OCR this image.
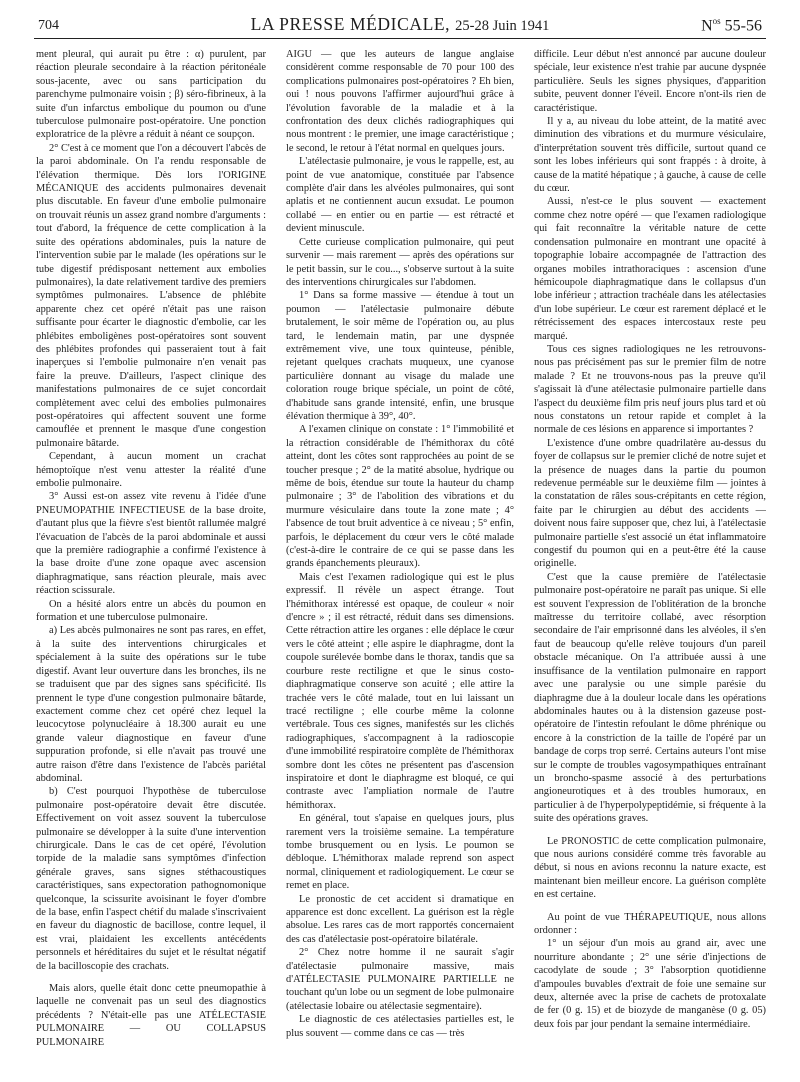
704	LA PRESSE MÉDICALE, 25-28 Juin 1941	$N^{os}$ 55-56

ment pleural, qui aurait pu être : α) purulent, par réaction pleurale secondaire à la réaction péritonéale sous-jacente, avec ou sans participation du parenchyme pulmonaire voisin ; β) séro-fibrineux, à la suite d'un infarctus embolique du poumon ou d'une tuberculose pulmonaire post-opératoire. Une ponction exploratrice de la plèvre a réduit à néant ce soupçon.

2° C'est à ce moment que l'on a découvert l'abcès de la paroi abdominale. On l'a rendu responsable de l'élévation thermique. Dès lors l'ORIGINE MÉCANIQUE des accidents pulmonaires devenait plus discutable. En faveur d'une embolie pulmonaire on trouvait réunis un assez grand nombre d'arguments : tout d'abord, la fréquence de cette complication à la suite des opérations abdominales, puis la nature de l'intervention subie par le malade (les opérations sur le tube digestif prédisposant nettement aux embolies pulmonaires), la date relativement tardive des premiers symptômes pulmonaires. L'absence de phlébite apparente chez cet opéré n'était pas une raison suffisante pour écarter le diagnostic d'embolie, car les phlébites emboligènes post-opératoires sont souvent des phlébites profondes qui passeraient tout à fait inaperçues si l'embolie pulmonaire n'en venait pas faire la preuve. D'ailleurs, l'aspect clinique des manifestations pulmonaires de ce sujet concordait complètement avec celui des embolies pulmonaires post-opératoires qui affectent souvent une forme camouflée et prennent le masque d'une congestion pulmonaire bâtarde.

Cependant, à aucun moment un crachat hémoptoïque n'est venu attester la réalité d'une embolie pulmonaire.

3° Aussi est-on assez vite revenu à l'idée d'une PNEUMOPATHIE INFECTIEUSE de la base droite, d'autant plus que la fièvre s'est bientôt rallumée malgré l'évacuation de l'abcès de la paroi abdominale et aussi que la première radiographie a confirmé l'existence à la base droite d'une zone opaque avec ascension diaphragmatique, sans réaction pleurale, mais avec réaction scissurale.

On a hésité alors entre un abcès du poumon en formation et une tuberculose pulmonaire.

a) Les abcès pulmonaires ne sont pas rares, en effet, à la suite des interventions chirurgicales et spécialement à la suite des opérations sur le tube digestif. Avant leur ouverture dans les bronches, ils ne se traduisent que par des signes sans spécificité. Ils prennent le type d'une congestion pulmonaire bâtarde, exactement comme chez cet opéré chez lequel la leucocytose polynucléaire à 18.300 aurait eu une grande valeur diagnostique en faveur d'une suppuration profonde, si elle n'avait pas trouvé une autre raison d'être dans l'existence de l'abcès pariétal abdominal.

b) C'est pourquoi l'hypothèse de tuberculose pulmonaire post-opératoire devait être discutée. Effectivement on voit assez souvent la tuberculose pulmonaire se développer à la suite d'une intervention chirurgicale. Dans le cas de cet opéré, l'évolution torpide de la maladie sans symptômes d'infection générale graves, sans signes stéthacoustiques caractéristiques, sans expectoration pathognomonique quelconque, la scissurite avoisinant le foyer d'ombre de la base, enfin l'aspect chétif du malade s'inscrivaient en faveur du diagnostic de bacillose, contre lequel, il est vrai, plaidaient les excellents antécédents personnels et héréditaires du sujet et le résultat négatif de la bacilloscopie des crachats.

Mais alors, quelle était donc cette pneumopathie à laquelle ne convenait pas un seul des diagnostics précédents ? N'était-elle pas une ATÉLECTASIE PULMONAIRE — OU COLLAPSUS PULMONAIRE

AIGU — que les auteurs de langue anglaise considèrent comme responsable de 70 pour 100 des complications pulmonaires post-opératoires ? Eh bien, oui ! nous pouvons l'affirmer aujourd'hui grâce à l'évolution favorable de la maladie et à la confrontation des deux clichés radiographiques qui nous montrent : le premier, une image caractéristique ; le second, le retour à l'état normal en quelques jours.

L'atélectasie pulmonaire, je vous le rappelle, est, au point de vue anatomique, constituée par l'absence complète d'air dans les alvéoles pulmonaires, qui sont aplatis et ne contiennent aucun exsudat. Le poumon collabé — en entier ou en partie — est rétracté et devient minuscule.

Cette curieuse complication pulmonaire, qui peut survenir — mais rarement — après des opérations sur le petit bassin, sur le cou..., s'observe surtout à la suite des interventions chirurgicales sur l'abdomen.

1° Dans sa forme massive — étendue à tout un poumon — l'atélectasie pulmonaire débute brutalement, le soir même de l'opération ou, au plus tard, le lendemain matin, par une dyspnée extrêmement vive, une toux quinteuse, pénible, rejetant quelques crachats muqueux, une cyanose particulière donnant au visage du malade une coloration rouge brique spéciale, un point de côté, d'habitude sans grande intensité, enfin, une brusque élévation thermique à 39°, 40°.

A l'examen clinique on constate : 1° l'immobilité et la rétraction considérable de l'hémithorax du côté atteint, dont les côtes sont rapprochées au point de se toucher presque ; 2° de la matité absolue, hydrique ou même de bois, étendue sur toute la hauteur du champ pulmonaire ; 3° de l'abolition des vibrations et du murmure vésiculaire dans toute la zone mate ; 4° l'absence de tout bruit adventice à ce niveau ; 5° enfin, parfois, le déplacement du cœur vers le côté malade (c'est-à-dire le contraire de ce qui se passe dans les grands épanchements pleuraux).

Mais c'est l'examen radiologique qui est le plus expressif. Il révèle un aspect étrange. Tout l'hémithorax intéressé est opaque, de couleur « noir d'encre » ; il est rétracté, réduit dans ses dimensions. Cette rétraction attire les organes : elle déplace le cœur vers le côté atteint ; elle aspire le diaphragme, dont la coupole surélevée bombe dans le thorax, tandis que sa courbure reste rectiligne et que le sinus costo-diaphragmatique conserve son acuité ; elle attire la trachée vers le côté malade, tout en lui laissant un tracé rectiligne ; elle courbe même la colonne vertébrale. Tous ces signes, manifestés sur les clichés radiographiques, s'accompagnent à la radioscopie d'une immobilité respiratoire complète de l'hémithorax sombre dont les côtes ne présentent pas d'ascension inspiratoire et dont le diaphragme est bloqué, ce qui contraste avec l'ampliation normale de l'autre hémithorax.

En général, tout s'apaise en quelques jours, plus rarement vers la troisième semaine. La température tombe brusquement ou en lysis. Le poumon se débloque. L'hémithorax malade reprend son aspect normal, cliniquement et radiologiquement. Le cœur se remet en place.

Le pronostic de cet accident si dramatique en apparence est donc excellent. La guérison est la règle absolue. Les rares cas de mort rapportés concernaient des cas d'atélectasie post-opératoire bilatérale.

2° Chez notre homme il ne saurait s'agir d'atélectasie pulmonaire massive, mais d'ATÉLECTASIE PULMONAIRE PARTIELLE ne touchant qu'un lobe ou un segment de lobe pulmonaire (atélectasie lobaire ou atélectasie segmentaire).

Le diagnostic de ces atélectasies partielles est, le plus souvent — comme dans ce cas — très

difficile. Leur début n'est annoncé par aucune douleur spéciale, leur existence n'est trahie par aucune dyspnée particulière. Seuls les signes physiques, d'apparition subite, peuvent donner l'éveil. Encore n'ont-ils rien de caractéristique.

Il y a, au niveau du lobe atteint, de la matité avec diminution des vibrations et du murmure vésiculaire, d'interprétation souvent très difficile, surtout quand ce sont les lobes inférieurs qui sont frappés : à droite, à cause de la matité hépatique ; à gauche, à cause de celle du cœur.

Aussi, n'est-ce le plus souvent — exactement comme chez notre opéré — que l'examen radiologique qui fait reconnaître la véritable nature de cette condensation pulmonaire en montrant une opacité à topographie lobaire accompagnée de l'attraction des organes mobiles intrathoraciques : ascension d'une hémicoupole diaphragmatique dans le collapsus d'un lobe inférieur ; attraction trachéale dans les atélectasies d'un lobe supérieur. Le cœur est rarement déplacé et le rétrécissement des espaces intercostaux reste peu marqué.

Tous ces signes radiologiques ne les retrouvons-nous pas précisément pas sur le premier film de notre malade ? Et ne trouvons-nous pas la preuve qu'il s'agissait là d'une atélectasie pulmonaire partielle dans l'aspect du deuxième film pris neuf jours plus tard et où nous constatons un retour rapide et complet à la normale de ces lésions en apparence si importantes ?

L'existence d'une ombre quadrilatère au-dessus du foyer de collapsus sur le premier cliché de notre sujet et la présence de nuages dans la partie du poumon redevenue perméable sur le deuxième film — jointes à la constatation de râles sous-crépitants en cette région, faite par le chirurgien au début des accidents — doivent nous faire supposer que, chez lui, à l'atélectasie pulmonaire partielle s'est associé un état inflammatoire congestif du poumon qui en a peut-être été la cause originelle.

C'est que la cause première de l'atélectasie pulmonaire post-opératoire ne paraît pas unique. Si elle est souvent l'expression de l'oblitération de la bronche maîtresse du territoire collabé, avec résorption secondaire de l'air emprisonné dans les alvéoles, il s'en faut de beaucoup qu'elle relève toujours d'un pareil obstacle mécanique. On l'a attribuée aussi à une insuffisance de la ventilation pulmonaire en rapport avec une paralysie ou une simple parésie du diaphragme due à la douleur locale dans les opérations abdominales hautes ou à la distension gazeuse post-opératoire de l'intestin refoulant le dôme phrénique ou encore à la constriction de la taille de l'opéré par un bandage de corps trop serré. Certains auteurs l'ont mise sur le compte de troubles vagosympathiques entraînant un broncho-spasme associé à des perturbations angioneurotiques et à des troubles humoraux, en particulier à de l'hyperpolypeptidémie, si fréquente à la suite des opérations graves.

Le PRONOSTIC de cette complication pulmonaire, que nous aurions considéré comme très favorable au début, si nous en avions reconnu la nature exacte, est maintenant bien meilleur encore. La guérison complète en est certaine.

Au point de vue THÉRAPEUTIQUE, nous allons ordonner :

1° un séjour d'un mois au grand air, avec une nourriture abondante ; 2° une série d'injections de cacodylate de soude ; 3° l'absorption quotidienne d'ampoules buvables d'extrait de foie une semaine sur deux, alternée avec la prise de cachets de protoxalate de fer (0 g. 15) et de biozyde de manganèse (0 g. 05) deux fois par jour pendant la semaine intermédiaire.
